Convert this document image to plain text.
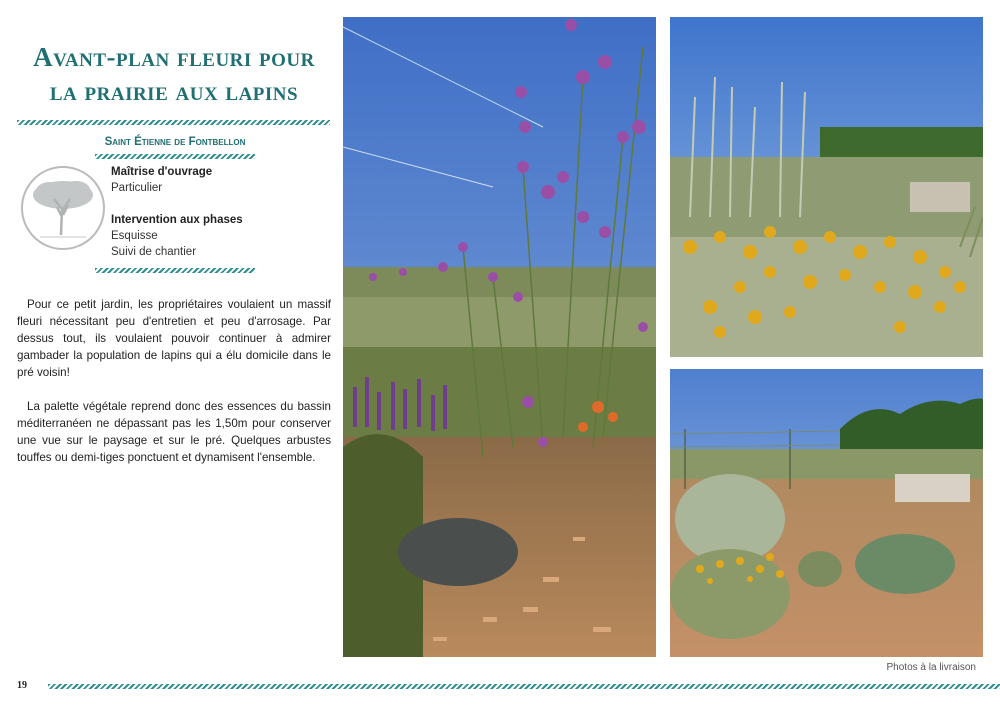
Avant-plan fleuri pour
la prairie aux lapins
Saint Étienne de Fontbellon
Maîtrise d'ouvrage
Particulier
Intervention aux phases
Esquisse
Suivi de chantier

Pour ce petit jardin, les propriétaires voulaient un massif fleuri nécessitant peu d'entretien et peu d'arrosage. Par dessus tout, ils voulaient pouvoir continuer à admirer gambader la population de lapins qui a élu domicile dans le pré voisin!

La palette végétale reprend donc des essences du bassin méditerranéen ne dépassant pas les 1,50m pour conserver une vue sur le paysage et sur le pré. Quelques arbustes touffes ou demi-tiges ponctuent et dynamisent l'ensemble.

Photos à la livraison
19
